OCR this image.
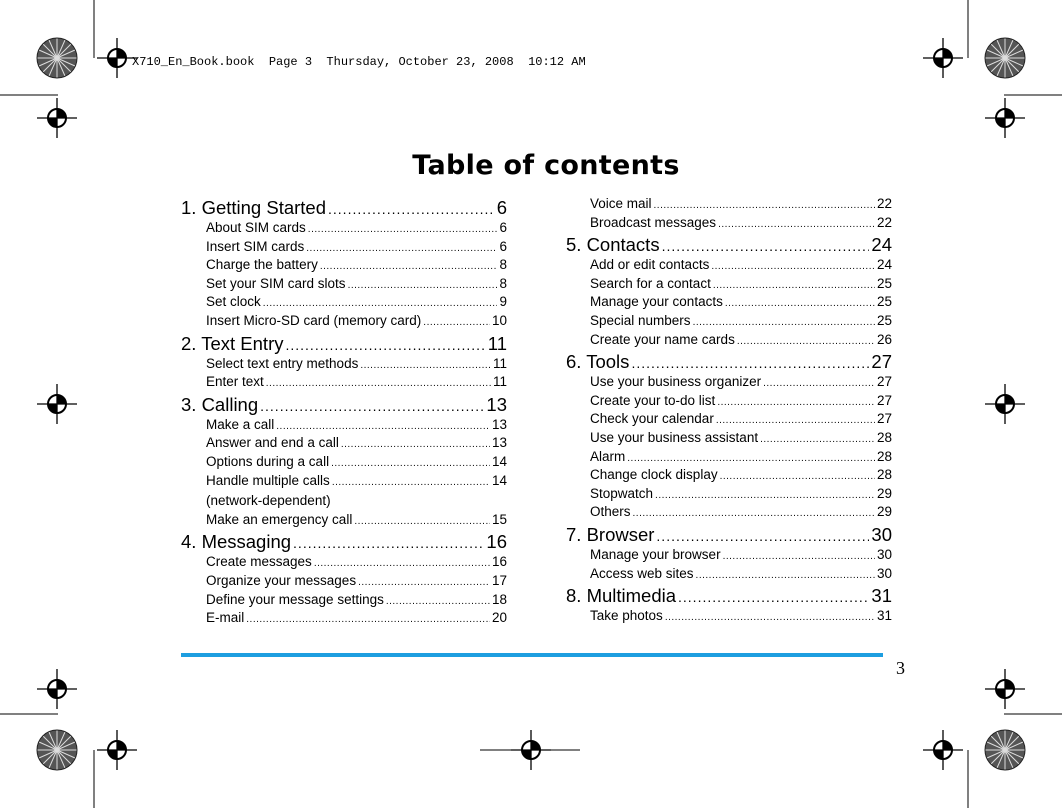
X710_En_Book.book  Page 3  Thursday, October 23, 2008  10:12 AM
Table of contents
1. Getting Started .....	6
About SIM cards .....	6
Insert SIM cards .....	6
Charge the battery .....	8
Set your SIM card slots .....	8
Set clock .....	9
Insert Micro-SD card (memory card) .....	10
2. Text Entry .....	11
Select text entry methods .....	11
Enter text .....	11
3. Calling .....	13
Make a call .....	13
Answer and end a call .....	13
Options during a call .....	14
Handle multiple calls .....	14
(network-dependent)
Make an emergency call .....	15
4. Messaging .....	16
Create messages .....	16
Organize your messages .....	17
Define your message settings .....	18
E-mail .....	20
Voice mail .....	22
Broadcast messages .....	22
5. Contacts .....	24
Add or edit contacts .....	24
Search for a contact .....	25
Manage your contacts .....	25
Special numbers .....	25
Create your name cards .....	26
6. Tools .....	27
Use your business organizer .....	27
Create your to-do list .....	27
Check your calendar .....	27
Use your business assistant .....	28
Alarm .....	28
Change clock display .....	28
Stopwatch .....	29
Others .....	29
7. Browser .....	30
Manage your browser .....	30
Access web sites .....	30
8. Multimedia .....	31
Take photos .....	31
3
